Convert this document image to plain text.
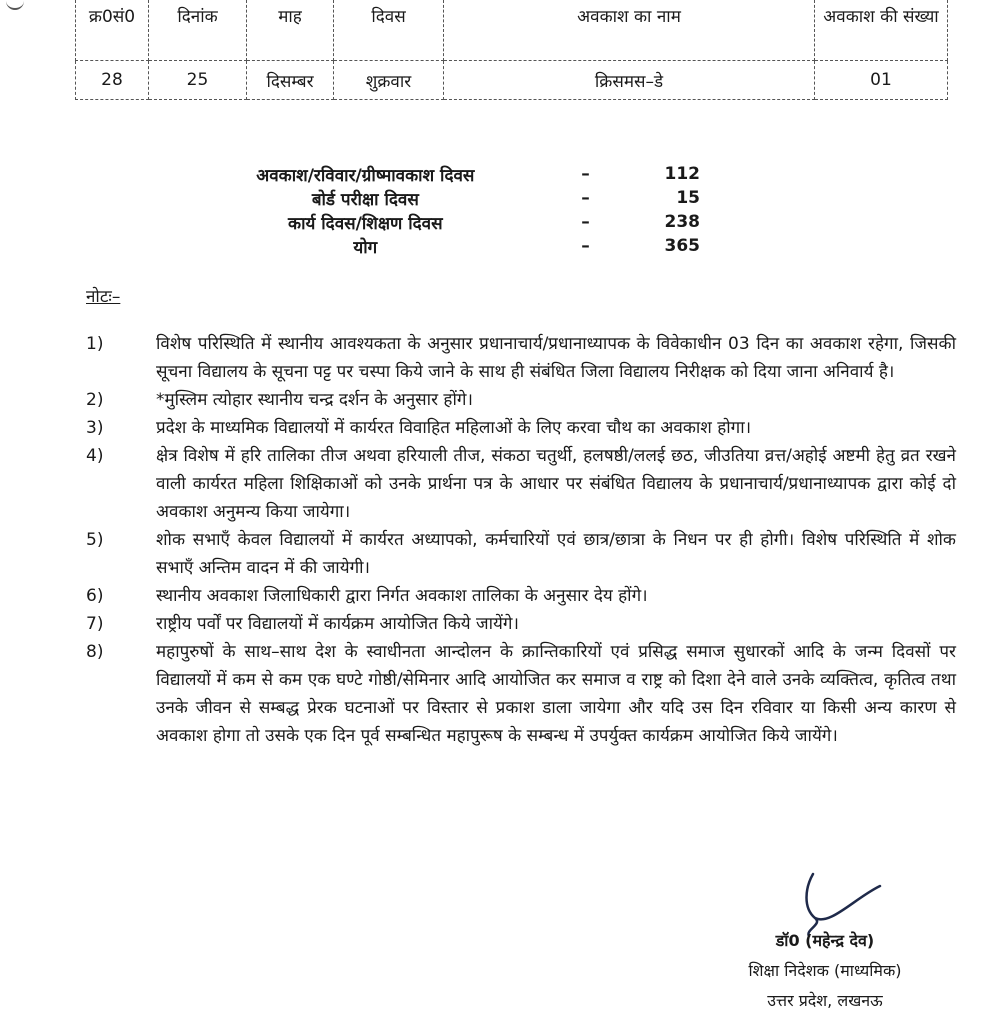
क्र0सं0	दिनांक	माह	दिवस	अवकाश का नाम	अवकाश की संख्या
28	25	दिसम्बर	शुक्रवार	क्रिसमस–डे	01
अवकाश/रविवार/ग्रीष्मावकाश दिवस	–	112
बोर्ड परीक्षा दिवस	–	15
कार्य दिवस/शिक्षण दिवस	–	238
योग	–	365
नोटः–
1)	विशेष परिस्थिति में स्थानीय आवश्यकता के अनुसार प्रधानाचार्य/प्रधानाध्यापक के विवेकाधीन 03 दिन का अवकाश रहेगा, जिसकी सूचना विद्यालय के सूचना पट्ट पर चस्पा किये जाने के साथ ही संबंधित जिला विद्यालय निरीक्षक को दिया जाना अनिवार्य है।
2)	*मुस्लिम त्योहार स्थानीय चन्द्र दर्शन के अनुसार होंगे।
3)	प्रदेश के माध्यमिक विद्यालयों में कार्यरत विवाहित महिलाओं के लिए करवा चौथ का अवकाश होगा।
4)	क्षेत्र विशेष में हरि तालिका तीज अथवा हरियाली तीज, संकठा चतुर्थी, हलषष्ठी/ललई छठ, जीउतिया व्रत्त/अहोई अष्टमी हेतु व्रत रखने वाली कार्यरत महिला शिक्षिकाओं को उनके प्रार्थना पत्र के आधार पर संबंधित विद्यालय के प्रधानाचार्य/प्रधानाध्यापक द्वारा कोई दो अवकाश अनुमन्य किया जायेगा।
5)	शोक सभाएँ केवल विद्यालयों में कार्यरत अध्यापको, कर्मचारियों एवं छात्र/छात्रा के निधन पर ही होगी। विशेष परिस्थिति में शोक सभाएँ अन्तिम वादन में की जायेगी।
6)	स्थानीय अवकाश जिलाधिकारी द्वारा निर्गत अवकाश तालिका के अनुसार देय होंगे।
7)	राष्ट्रीय पर्वों पर विद्यालयों में कार्यक्रम आयोजित किये जायेंगे।
8)	महापुरुषों के साथ–साथ देश के स्वाधीनता आन्दोलन के क्रान्तिकारियों एवं प्रसिद्ध समाज सुधारकों आदि के जन्म दिवसों पर विद्यालयों में कम से कम एक घण्टे गोष्ठी/सेमिनार आदि आयोजित कर समाज व राष्ट्र को दिशा देने वाले उनके व्यक्तित्व, कृतित्व तथा उनके जीवन से सम्बद्ध प्रेरक घटनाओं पर विस्तार से प्रकाश डाला जायेगा और यदि उस दिन रविवार या किसी अन्य कारण से अवकाश होगा तो उसके एक दिन पूर्व सम्बन्धित महापुरूष के सम्बन्ध में उपर्युक्त कार्यक्रम आयोजित किये जायेंगे।
डॉ0 (महेन्द्र देव)
शिक्षा निदेशक (माध्यमिक)
उत्तर प्रदेश, लखनऊ
